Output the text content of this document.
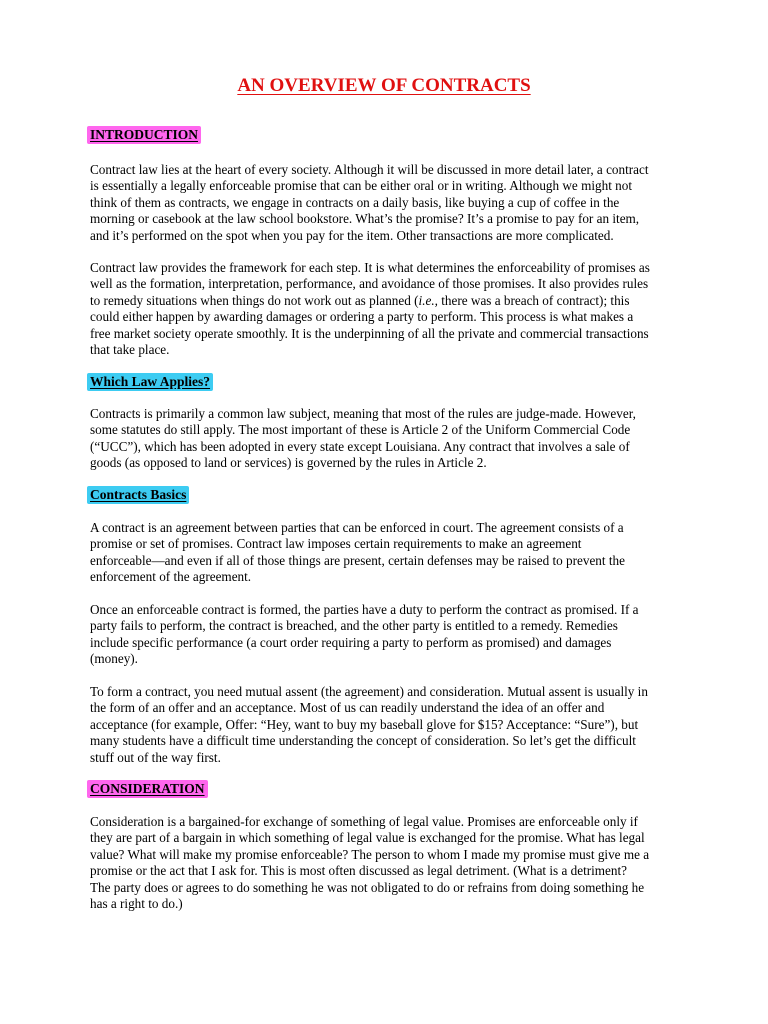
AN OVERVIEW OF CONTRACTS
INTRODUCTION

Contract law lies at the heart of every society. Although it will be discussed in more detail later, a contract
is essentially a legally enforceable promise that can be either oral or in writing. Although we might not
think of them as contracts, we engage in contracts on a daily basis, like buying a cup of coffee in the
morning or casebook at the law school bookstore. What’s the promise? It’s a promise to pay for an item,
and it’s performed on the spot when you pay for the item. Other transactions are more complicated.

Contract law provides the framework for each step. It is what determines the enforceability of promises as
well as the formation, interpretation, performance, and avoidance of those promises. It also provides rules
to remedy situations when things do not work out as planned (i.e., there was a breach of contract); this
could either happen by awarding damages or ordering a party to perform. This process is what makes a
free market society operate smoothly. It is the underpinning of all the private and commercial transactions
that take place.

Which Law Applies?

Contracts is primarily a common law subject, meaning that most of the rules are judge-made. However,
some statutes do still apply. The most important of these is Article 2 of the Uniform Commercial Code
(“UCC”), which has been adopted in every state except Louisiana. Any contract that involves a sale of
goods (as opposed to land or services) is governed by the rules in Article 2.

Contracts Basics

A contract is an agreement between parties that can be enforced in court. The agreement consists of a
promise or set of promises. Contract law imposes certain requirements to make an agreement
enforceable—and even if all of those things are present, certain defenses may be raised to prevent the
enforcement of the agreement.

Once an enforceable contract is formed, the parties have a duty to perform the contract as promised. If a
party fails to perform, the contract is breached, and the other party is entitled to a remedy. Remedies
include specific performance (a court order requiring a party to perform as promised) and damages
(money).

To form a contract, you need mutual assent (the agreement) and consideration. Mutual assent is usually in
the form of an offer and an acceptance. Most of us can readily understand the idea of an offer and
acceptance (for example, Offer: “Hey, want to buy my baseball glove for $15? Acceptance: “Sure”), but
many students have a difficult time understanding the concept of consideration. So let’s get the difficult
stuff out of the way first.

CONSIDERATION

Consideration is a bargained-for exchange of something of legal value. Promises are enforceable only if
they are part of a bargain in which something of legal value is exchanged for the promise. What has legal
value? What will make my promise enforceable? The person to whom I made my promise must give me a
promise or the act that I ask for. This is most often discussed as legal detriment. (What is a detriment?
The party does or agrees to do something he was not obligated to do or refrains from doing something he
has a right to do.)
